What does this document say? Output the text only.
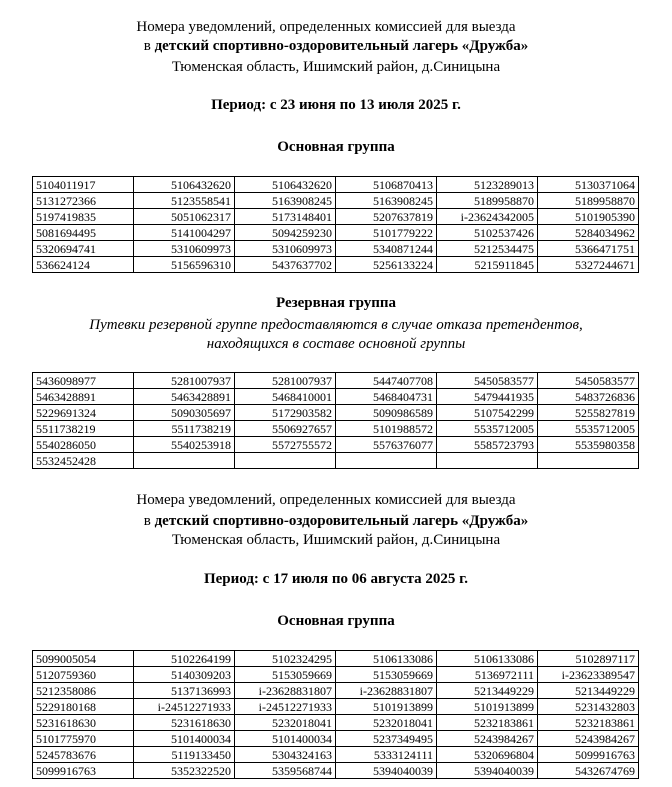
Номера уведомлений, определенных комиссией для выезда
в детский спортивно-оздоровительный лагерь «Дружба»
Тюменская область, Ишимский район, д.Синицына
Период: с 23 июня по 13 июля 2025 г.
Основная группа
5104011917	5106432620	5106432620	5106870413	5123289013	5130371064
5131272366	5123558541	5163908245	5163908245	5189958870	5189958870
5197419835	5051062317	5173148401	5207637819	i-23624342005	5101905390
5081694495	5141004297	5094259230	5101779222	5102537426	5284034962
5320694741	5310609973	5310609973	5340871244	5212534475	5366471751
536624124	5156596310	5437637702	5256133224	5215911845	5327244671
Резервная группа
Путевки резервной группе предоставляются в случае отказа претендентов,
находящихся в составе основной группы
5436098977	5281007937	5281007937	5447407708	5450583577	5450583577
5463428891	5463428891	5468410001	5468404731	5479441935	5483726836
5229691324	5090305697	5172903582	5090986589	5107542299	5255827819
5511738219	5511738219	5506927657	5101988572	5535712005	5535712005
5540286050	5540253918	5572755572	5576376077	5585723793	5535980358
5532452428					
Номера уведомлений, определенных комиссией для выезда
в детский спортивно-оздоровительный лагерь «Дружба»
Тюменская область, Ишимский район, д.Синицына
Период: с 17 июля по 06 августа 2025 г.
Основная группа
5099005054	5102264199	5102324295	5106133086	5106133086	5102897117
5120759360	5140309203	5153059669	5153059669	5136972111	i-23623389547
5212358086	5137136993	i-23628831807	i-23628831807	5213449229	5213449229
5229180168	i-24512271933	i-24512271933	5101913899	5101913899	5231432803
5231618630	5231618630	5232018041	5232018041	5232183861	5232183861
5101775970	5101400034	5101400034	5237349495	5243984267	5243984267
5245783676	5119133450	5304324163	5333124111	5320696804	5099916763
5099916763	5352322520	5359568744	5394040039	5394040039	5432674769
